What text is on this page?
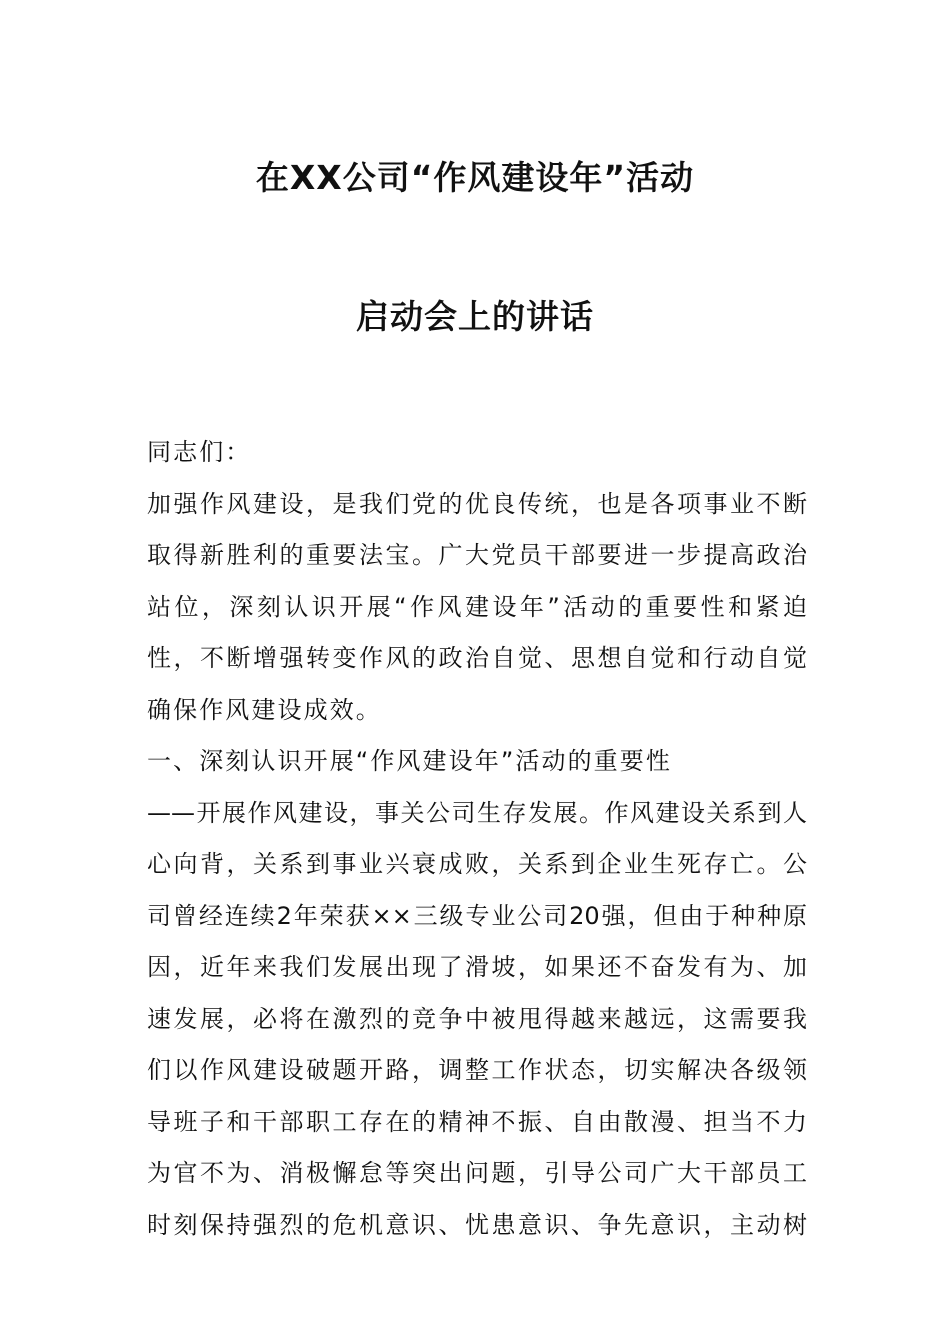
在XX公司“作风建设年”活动
启动会上的讲话

同志们：

加强作风建设，是我们党的优良传统，也是各项事业不断

取得新胜利的重要法宝。广大党员干部要进一步提高政治

站位，深刻认识开展“作风建设年”活动的重要性和紧迫

性，不断增强转变作风的政治自觉、思想自觉和行动自觉

确保作风建设成效。

一、深刻认识开展“作风建设年”活动的重要性

——开展作风建设，事关公司生存发展。作风建设关系到人

心向背，关系到事业兴衰成败，关系到企业生死存亡。公

司曾经连续2年荣获××三级专业公司20强，但由于种种原

因，近年来我们发展出现了滑坡，如果还不奋发有为、加

速发展，必将在激烈的竞争中被甩得越来越远，这需要我

们以作风建设破题开路，调整工作状态，切实解决各级领

导班子和干部职工存在的精神不振、自由散漫、担当不力

为官不为、消极懈怠等突出问题，引导公司广大干部员工

时刻保持强烈的危机意识、忧患意识、争先意识，主动树
